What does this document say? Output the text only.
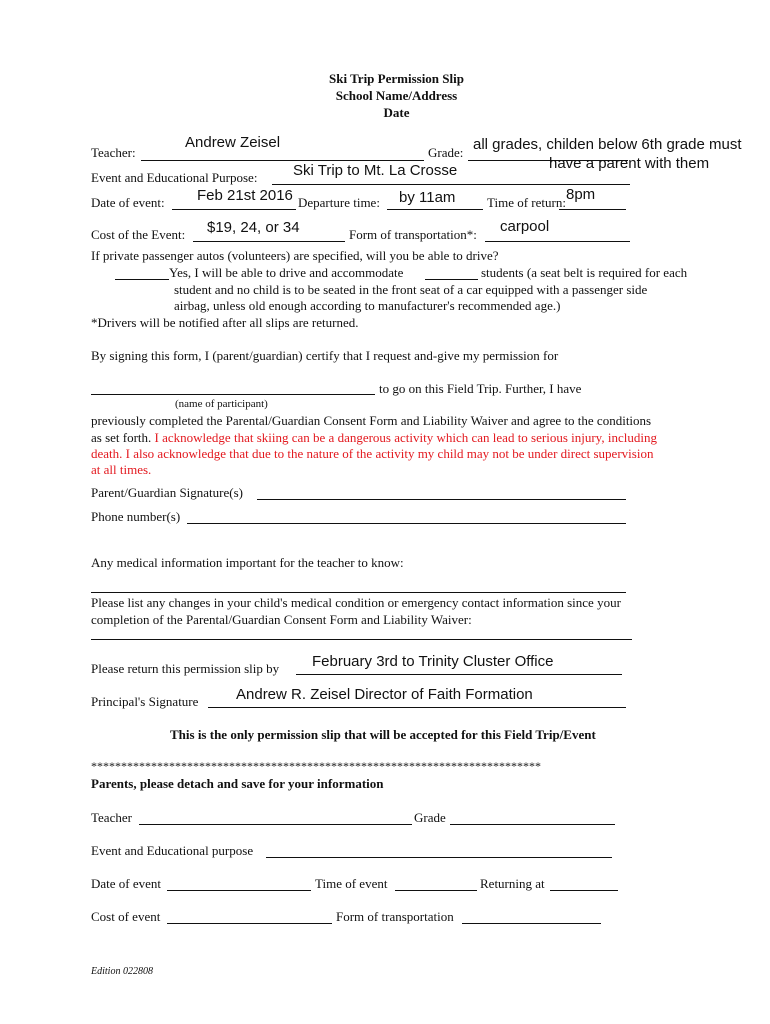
Ski Trip Permission Slip
School Name/Address
Date
Teacher:
Andrew Zeisel
Grade: all grades, childen below 6th grade must
have a parent with them
Event and Educational Purpose: Ski Trip to Mt. La Crosse
Date of event: Feb 21st 2016 Departure time: by 11am Time of return: 8pm
Cost of the Event: $19, 24, or 34	Form of transportation*: carpool
If private passenger autos (volunteers) are specified, will you be able to drive?
Yes, I will be able to drive and accommodate	students (a seat belt is required for each
student and no child is to be seated in the front seat of a car equipped with a passenger side
airbag, unless old enough according to manufacturer's recommended age.)
*Drivers will be notified after all slips are returned.
By signing this form, I (parent/guardian) certify that I request and-give my permission for
to go on this Field Trip. Further, I have
(name of participant)
previously completed the Parental/Guardian Consent Form and Liability Waiver and agree to the conditions
as set forth. I acknowledge that skiing can be a dangerous activity which can lead to serious injury, including
death. I also acknowledge that due to the nature of the activity my child may not be under direct supervision
at all times.
Parent/Guardian Signature(s)
Phone number(s)
Any medical information important for the teacher to know:
Please list any changes in your child's medical condition or emergency contact information since your
completion of the Parental/Guardian Consent Form and Liability Waiver:
Please return this permission slip by February 3rd to Trinity Cluster Office
Principal's Signature	Andrew R. Zeisel Director of Faith Formation
This is the only permission slip that will be accepted for this Field Trip/Event
***************************************************************************
Parents, please detach and save for your information
Teacher	Grade
Event and Educational purpose
Date of event	Time of event	Returning at
Cost of event	Form of transportation
Edition 022808
